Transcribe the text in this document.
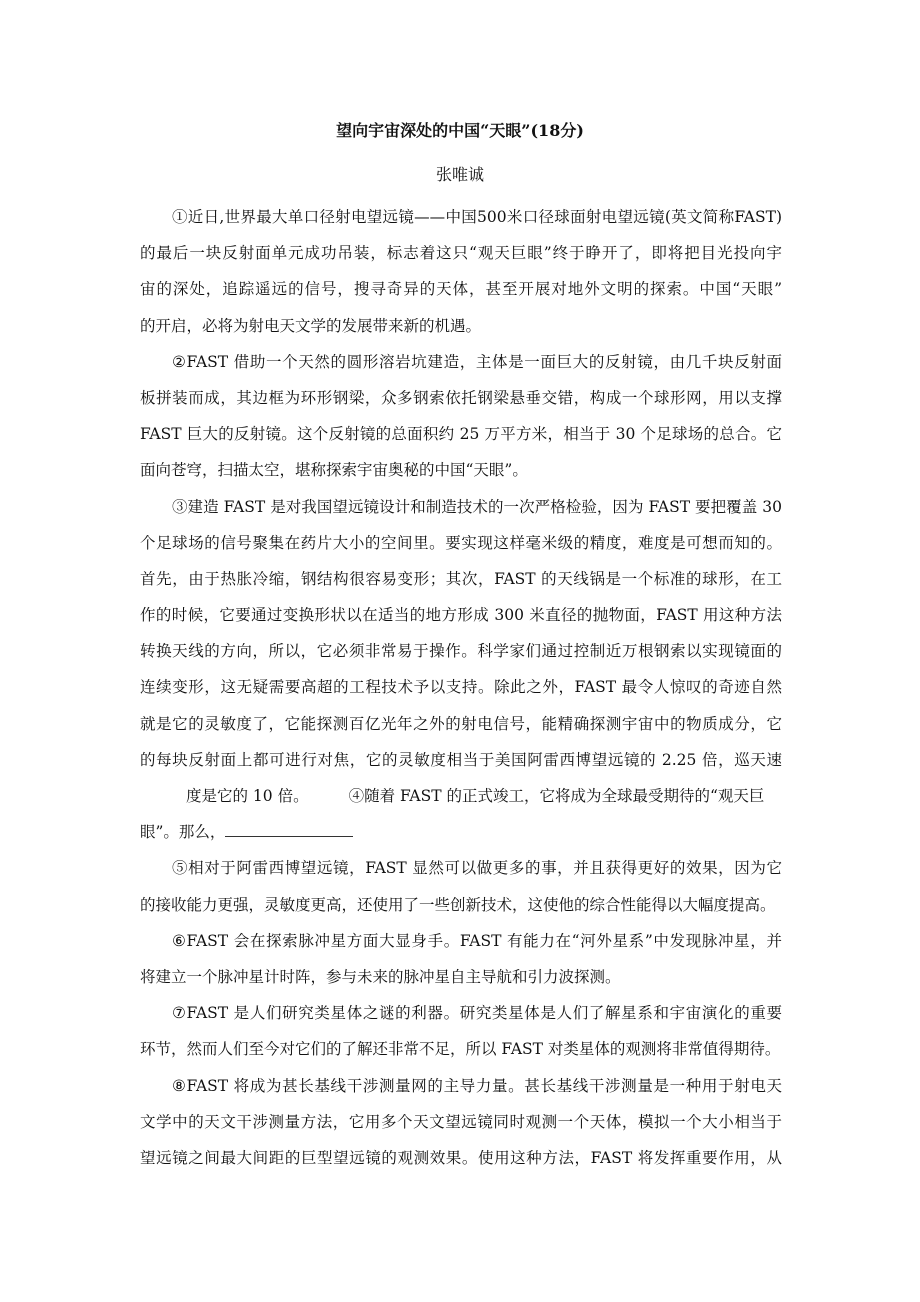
望向宇宙深处的中国“天眼”(18分)
张唯诚
①近日,世界最大单口径射电望远镜——中国500米口径球面射电望远镜(英文简称FAST)
的最后一块反射面单元成功吊装，标志着这只“观天巨眼”终于睁开了，即将把目光投向宇
宙的深处，追踪遥远的信号，搜寻奇异的天体，甚至开展对地外文明的探索。中国“天眼”
的开启，必将为射电天文学的发展带来新的机遇。
②FAST 借助一个天然的圆形溶岩坑建造，主体是一面巨大的反射镜，由几千块反射面
板拼装而成，其边框为环形钢梁，众多钢索依托钢梁悬垂交错，构成一个球形网，用以支撑
FAST 巨大的反射镜。这个反射镜的总面积约 25 万平方米，相当于 30 个足球场的总合。它
面向苍穹，扫描太空，堪称探索宇宙奥秘的中国“天眼”。
③建造 FAST 是对我国望远镜设计和制造技术的一次严格检验，因为 FAST 要把覆盖 30
个足球场的信号聚集在药片大小的空间里。要实现这样毫米级的精度，难度是可想而知的。
首先，由于热胀冷缩，钢结构很容易变形；其次，FAST 的天线锅是一个标准的球形，在工
作的时候，它要通过变换形状以在适当的地方形成 300 米直径的抛物面，FAST 用这种方法
转换天线的方向，所以，它必须非常易于操作。科学家们通过控制近万根钢索以实现镜面的
连续变形，这无疑需要高超的工程技术予以支持。除此之外，FAST 最令人惊叹的奇迹自然
就是它的灵敏度了，它能探测百亿光年之外的射电信号，能精确探测宇宙中的物质成分，它
的每块反射面上都可进行对焦，它的灵敏度相当于美国阿雷西博望远镜的 2.25 倍，巡天速
度是它的 10 倍。	④随着 FAST 的正式竣工，它将成为全球最受期待的“观天巨
眼”。那么，
⑤相对于阿雷西博望远镜，FAST 显然可以做更多的事，并且获得更好的效果，因为它
的接收能力更强，灵敏度更高，还使用了一些创新技术，这使他的综合性能得以大幅度提高。
⑥FAST 会在探索脉冲星方面大显身手。FAST 有能力在“河外星系”中发现脉冲星，并
将建立一个脉冲星计时阵，参与未来的脉冲星自主导航和引力波探测。
⑦FAST 是人们研究类星体之谜的利器。研究类星体是人们了解星系和宇宙演化的重要
环节，然而人们至今对它们的了解还非常不足，所以 FAST 对类星体的观测将非常值得期待。
⑧FAST 将成为甚长基线干涉测量网的主导力量。甚长基线干涉测量是一种用于射电天
文学中的天文干涉测量方法，它用多个天文望远镜同时观测一个天体，模拟一个大小相当于
望远镜之间最大间距的巨型望远镜的观测效果。使用这种方法，FAST 将发挥重要作用，从
